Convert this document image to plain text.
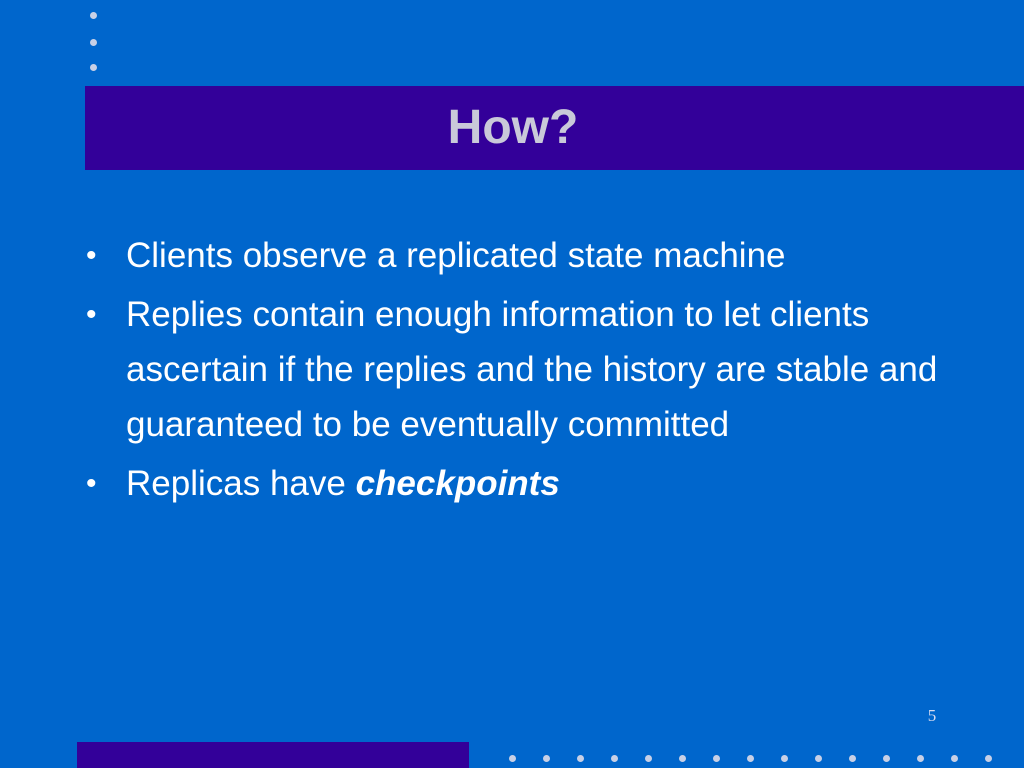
How?
• Clients observe a replicated state machine
• Replies contain enough information to let clients ascertain if the replies and the history are stable and guaranteed to be eventually committed
• Replicas have checkpoints
5
